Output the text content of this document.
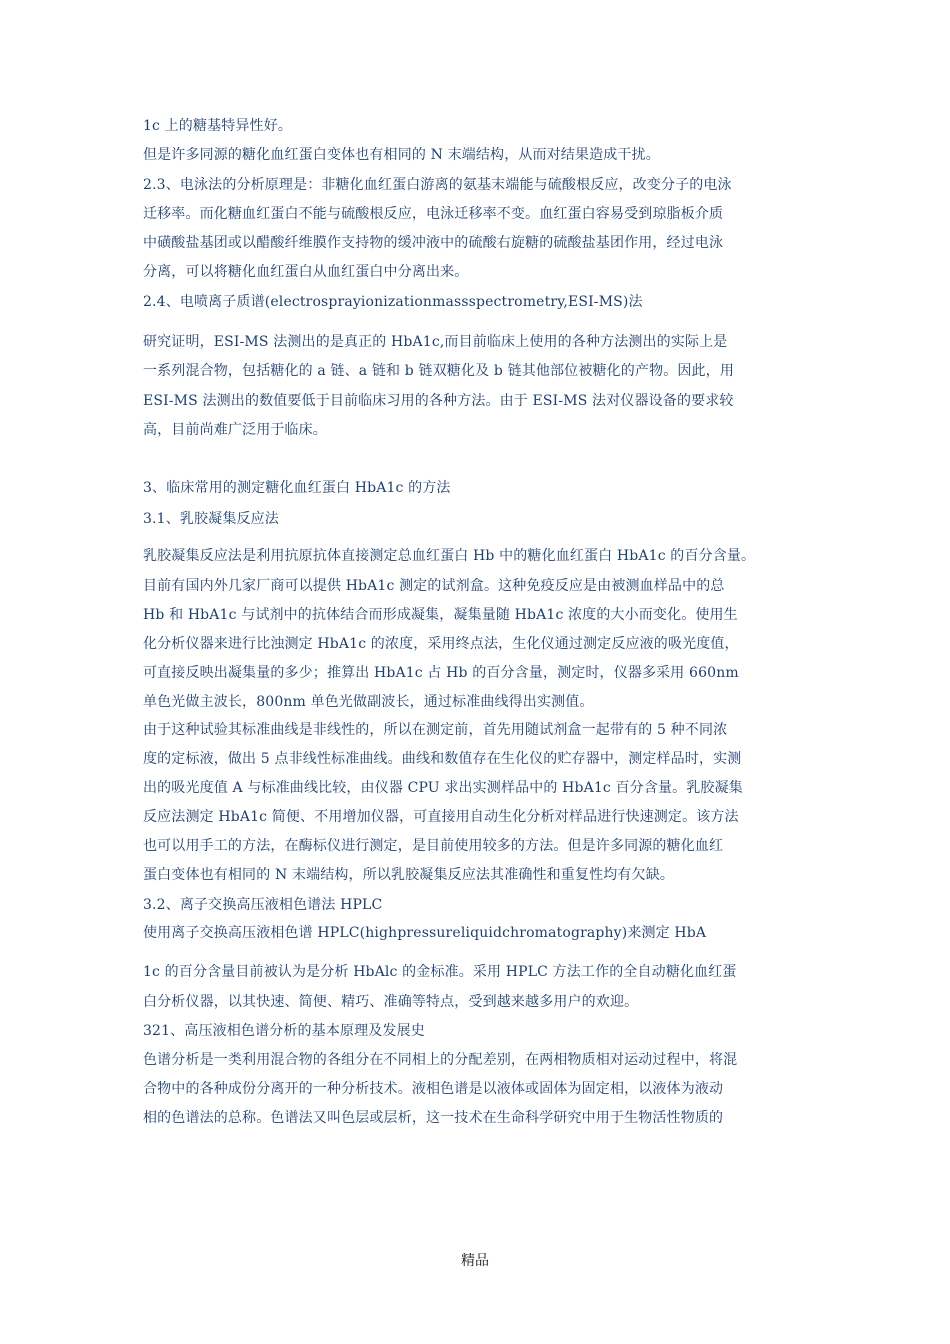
1c 上的糖基特异性好。

但是许多同源的糖化血红蛋白变体也有相同的 N 末端结构，从而对结果造成干扰。

2.3、电泳法的分析原理是：非糖化血红蛋白游离的氨基末端能与硫酸根反应，改变分子的电泳

迁移率。而化糖血红蛋白不能与硫酸根反应，电泳迁移率不变。血红蛋白容易受到琼脂板介质

中磺酸盐基团或以醋酸纤维膜作支持物的缓冲液中的硫酸右旋糖的硫酸盐基团作用，经过电泳

分离，可以将糖化血红蛋白从血红蛋白中分离出来。

2.4、电喷离子质谱(electrosprayionizationmassspectrometry,ESI-MS)法

研究证明，ESI-MS 法测出的是真正的 HbA1c,而目前临床上使用的各种方法测出的实际上是

一系列混合物，包括糖化的 a 链、a 链和 b 链双糖化及 b 链其他部位被糖化的产物。因此，用

ESI-MS 法测出的数值要低于目前临床习用的各种方法。由于 ESI-MS 法对仪器设备的要求较

高，目前尚难广泛用于临床。

3、临床常用的测定糖化血红蛋白 HbA1c 的方法

3.1、乳胶凝集反应法

乳胶凝集反应法是利用抗原抗体直接测定总血红蛋白 Hb 中的糖化血红蛋白 HbA1c 的百分含量。

目前有国内外几家厂商可以提供 HbA1c 测定的试剂盒。这种免疫反应是由被测血样品中的总

Hb 和 HbA1c 与试剂中的抗体结合而形成凝集，凝集量随 HbA1c 浓度的大小而变化。使用生

化分析仪器来进行比浊测定 HbA1c 的浓度，采用终点法，生化仪通过测定反应液的吸光度值，

可直接反映出凝集量的多少；推算出 HbA1c 占 Hb 的百分含量，测定时，仪器多采用 660nm

单色光做主波长，800nm 单色光做副波长，通过标准曲线得出实测值。

由于这种试验其标准曲线是非线性的，所以在测定前，首先用随试剂盒一起带有的 5 种不同浓

度的定标液，做出 5 点非线性标准曲线。曲线和数值存在生化仪的贮存器中，测定样品时，实测

出的吸光度值 A 与标准曲线比较，由仪器 CPU 求出实测样品中的 HbA1c 百分含量。乳胶凝集

反应法测定 HbA1c 简便、不用增加仪器，可直接用自动生化分析对样品进行快速测定。该方法

也可以用手工的方法，在酶标仪进行测定，是目前使用较多的方法。但是许多同源的糖化血红

蛋白变体也有相同的 N 末端结构，所以乳胶凝集反应法其准确性和重复性均有欠缺。

3.2、离子交换高压液相色谱法 HPLC

使用离子交换高压液相色谱 HPLC(highpressureliquidchromatography)来测定 HbA

1c 的百分含量目前被认为是分析 HbAlc 的金标准。采用 HPLC 方法工作的全自动糖化血红蛋

白分析仪器，以其快速、简便、精巧、准确等特点，受到越来越多用户的欢迎。

321、高压液相色谱分析的基本原理及发展史

色谱分析是一类利用混合物的各组分在不同相上的分配差别，在两相物质相对运动过程中，将混

合物中的各种成份分离开的一种分析技术。液相色谱是以液体或固体为固定相，以液体为液动

相的色谱法的总称。色谱法又叫色层或层析，这一技术在生命科学研究中用于生物活性物质的

精品
